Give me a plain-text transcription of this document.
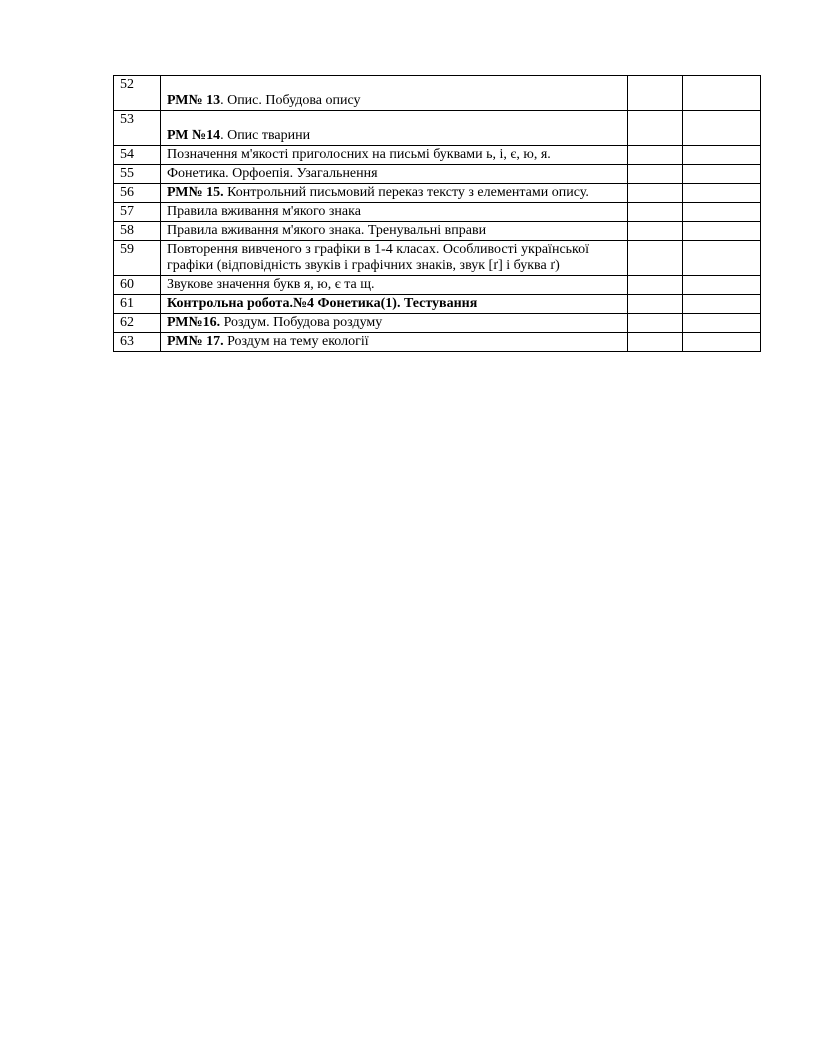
52	РМ№ 13. Опис. Побудова опису		
53	РМ №14. Опис тварини		
54	Позначення м'якості приголосних на письмі буквами ь, і, є, ю, я.		
55	Фонетика. Орфоепія. Узагальнення		
56	РМ№ 15. Контрольний письмовий переказ тексту з елементами опису.		
57	Правила вживання м'якого знака		
58	Правила вживання м'якого знака. Тренувальні вправи		
59	Повторення вивченого з графіки в 1-4 класах. Особливості української графіки (відповідність звуків і графічних знаків, звук [ґ] і буква ґ)		
60	Звукове значення букв я, ю, є та щ.		
61	Контрольна робота.№4 Фонетика(1). Тестування		
62	РМ№16. Роздум. Побудова роздуму		
63	РМ№ 17. Роздум на тему екології		
